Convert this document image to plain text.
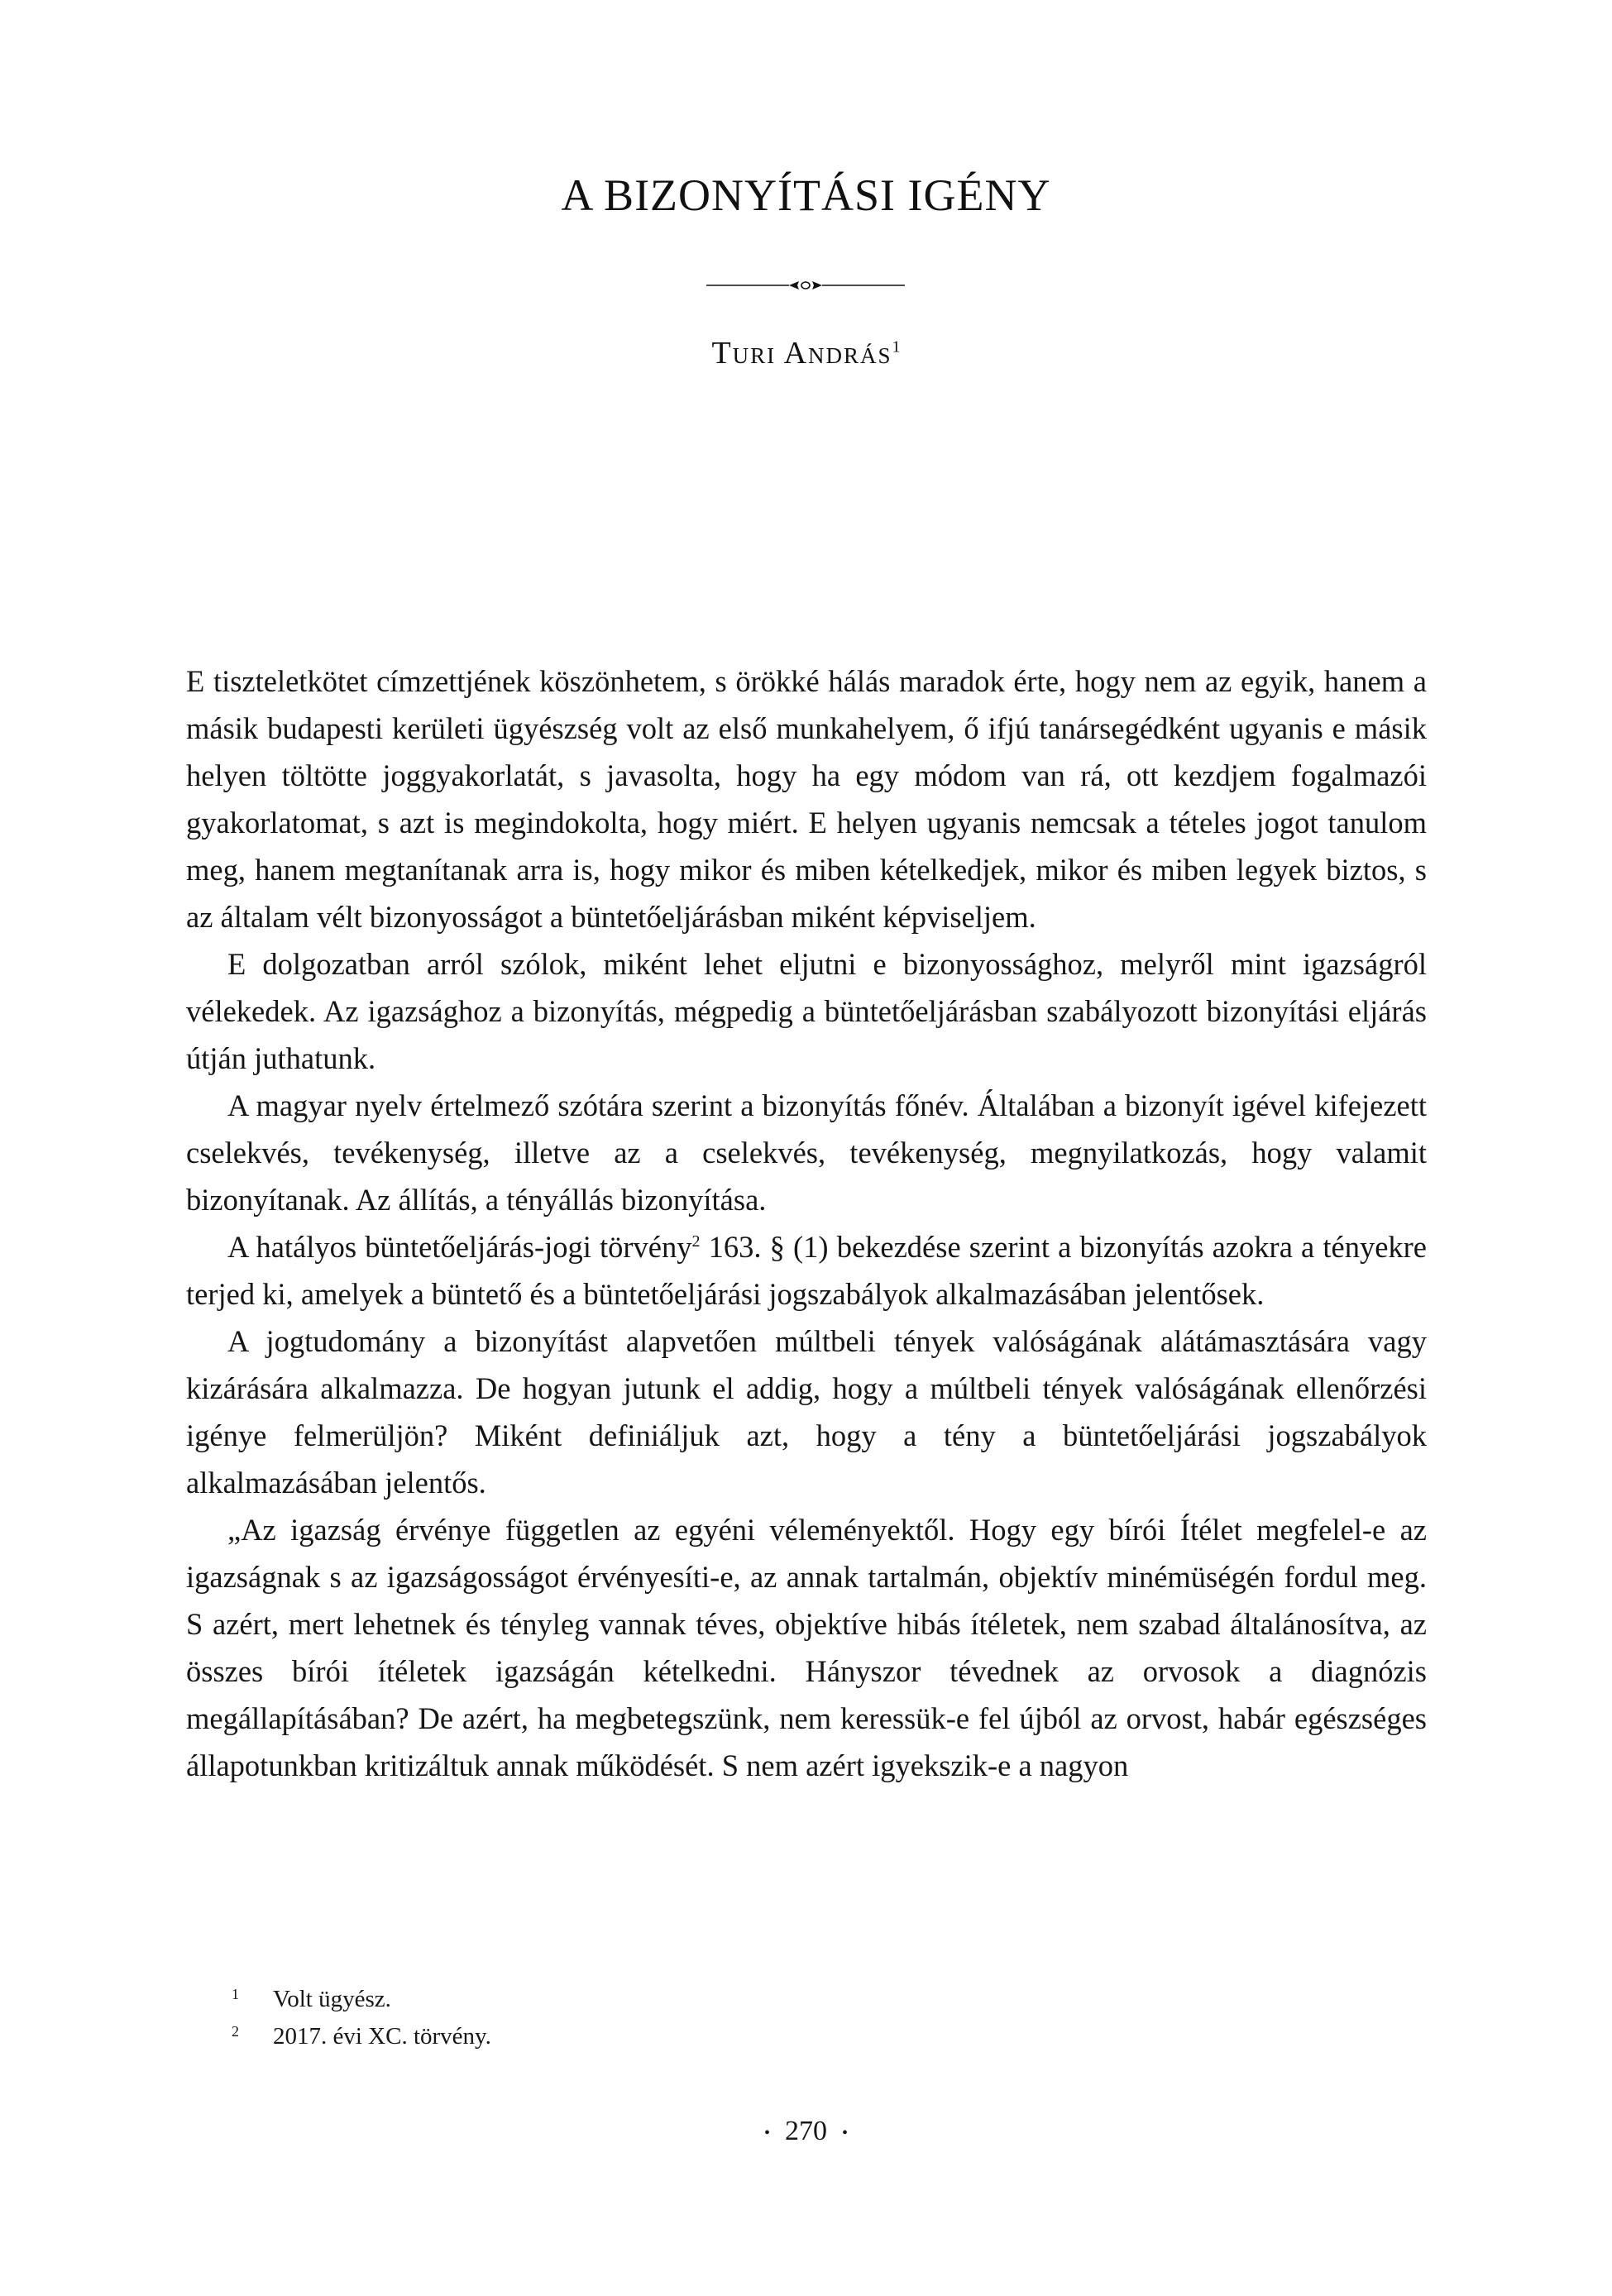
A BIZONYÍTÁSI IGÉNY
Turi András$^1$

E tiszteletkötet címzettjének köszönhetem, s örökké hálás maradok érte, hogy nem az egyik, hanem a másik budapesti kerületi ügyészség volt az első munkahelyem, ő ifjú tanársegédként ugyanis e másik helyen töltötte joggyakorlatát, s javasolta, hogy ha egy módom van rá, ott kezdjem fogalmazói gyakorlatomat, s azt is megindokolta, hogy miért. E helyen ugyanis nemcsak a tételes jogot tanulom meg, hanem megtanítanak arra is, hogy mikor és miben kételkedjek, mikor és miben legyek biztos, s az általam vélt bizonyosságot a büntetőeljárásban miként képviseljem.

E dolgozatban arról szólok, miként lehet eljutni e bizonyossághoz, melyről mint igazságról vélekedek. Az igazsághoz a bizonyítás, mégpedig a büntetőeljárásban szabályozott bizonyítási eljárás útján juthatunk.

A magyar nyelv értelmező szótára szerint a bizonyítás főnév. Általában a bizonyít igével kifejezett cselekvés, tevékenység, illetve az a cselekvés, tevékenység, megnyilatkozás, hogy valamit bizonyítanak. Az állítás, a tényállás bizonyítása.

A hatályos büntetőeljárás-jogi törvény$^2$ 163. § (1) bekezdése szerint a bizonyítás azokra a tényekre terjed ki, amelyek a büntető és a büntetőeljárási jogszabályok alkalmazásában jelentősek.

A jogtudomány a bizonyítást alapvetően múltbeli tények valóságának alátámasztására vagy kizárására alkalmazza. De hogyan jutunk el addig, hogy a múltbeli tények valóságának ellenőrzési igénye felmerüljön? Miként definiáljuk azt, hogy a tény a büntetőeljárási jogszabályok alkalmazásában jelentős.

„Az igazság érvénye független az egyéni véleményektől. Hogy egy bírói Ítélet megfelel-e az igazságnak s az igazságosságot érvényesíti-e, az annak tartalmán, objektív minémüségén fordul meg. S azért, mert lehetnek és tényleg vannak téves, objektíve hibás ítéletek, nem szabad általánosítva, az összes bírói ítéletek igazságán kételkedni. Hányszor tévednek az orvosok a diagnózis megállapításában? De azért, ha megbetegszünk, nem keressük-e fel újból az orvost, habár egészséges állapotunkban kritizáltuk annak működését. S nem azért igyekszik-e a nagyon

1 Volt ügyész.
2 2017. évi XC. törvény.
• 270 •
